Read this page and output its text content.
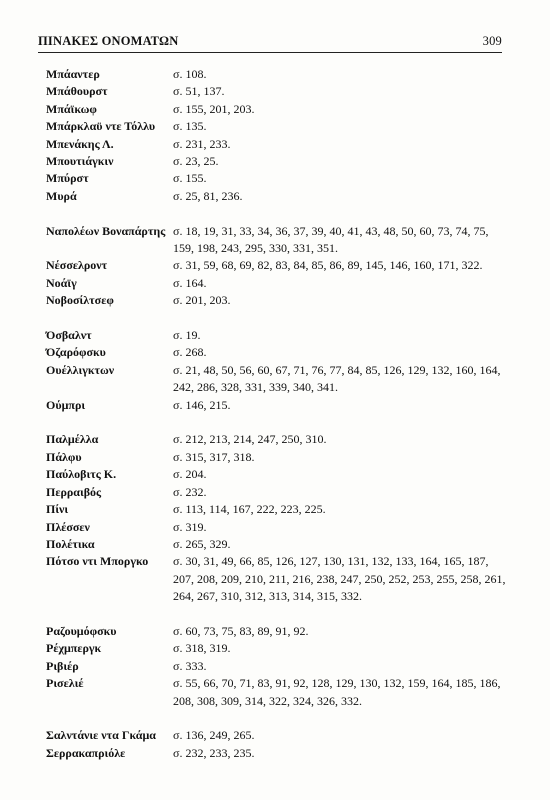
ΠΙΝΑΚΕΣ ΟΝΟΜΑΤΩΝ	309
Μπάαντερ	σ. 108.
Μπάθουρστ	σ. 51, 137.
Μπάϊκωφ	σ. 155, 201, 203.
Μπάρκλαϋ ντε Τόλλυ	σ. 135.
Μπενάκης Λ.	σ. 231, 233.
Μπουτιάγκιν	σ. 23, 25.
Μπύρστ	σ. 155.
Μυρά	σ. 25, 81, 236.
Ναπολέων Βοναπάρτης σ. 18, 19, 31, 33, 34, 36, 37, 39, 40, 41, 43, 48, 50, 60, 73, 74, 75, 159, 198, 243, 295, 330, 331, 351.
Νέσσελροντ	σ. 31, 59, 68, 69, 82, 83, 84, 85, 86, 89, 145, 146, 160, 171, 322.
Νοάϊγ	σ. 164.
Νοβοσίλτσεφ	σ. 201, 203.
Όσβαλντ	σ. 19.
Όζαρόφσκυ	σ. 268.
Ουέλλιγκτων	σ. 21, 48, 50, 56, 60, 67, 71, 76, 77, 84, 85, 126, 129, 132, 160, 164, 242, 286, 328, 331, 339, 340, 341.
Ούμπρι	σ. 146, 215.
Παλμέλλα	σ. 212, 213, 214, 247, 250, 310.
Πάλφυ	σ. 315, 317, 318.
Παύλοβιτς Κ.	σ. 204.
Περραιβός	σ. 232.
Πίνι	σ. 113, 114, 167, 222, 223, 225.
Πλέσσεν	σ. 319.
Πολέτικα	σ. 265, 329.
Πότσο ντι Μποργκο	σ. 30, 31, 49, 66, 85, 126, 127, 130, 131, 132, 133, 164, 165, 187, 207, 208, 209, 210, 211, 216, 238, 247, 250, 252, 253, 255, 258, 261, 264, 267, 310, 312, 313, 314, 315, 332.
Ραζουμόφσκυ	σ. 60, 73, 75, 83, 89, 91, 92.
Ρέχμπεργκ	σ. 318, 319.
Ριβιέρ	σ. 333.
Ρισελιέ	σ. 55, 66, 70, 71, 83, 91, 92, 128, 129, 130, 132, 159, 164, 185, 186, 208, 308, 309, 314, 322, 324, 326, 332.
Σαλντάνιε ντα Γκάμα	σ. 136, 249, 265.
Σερρακαπριόλε	σ. 232, 233, 235.
